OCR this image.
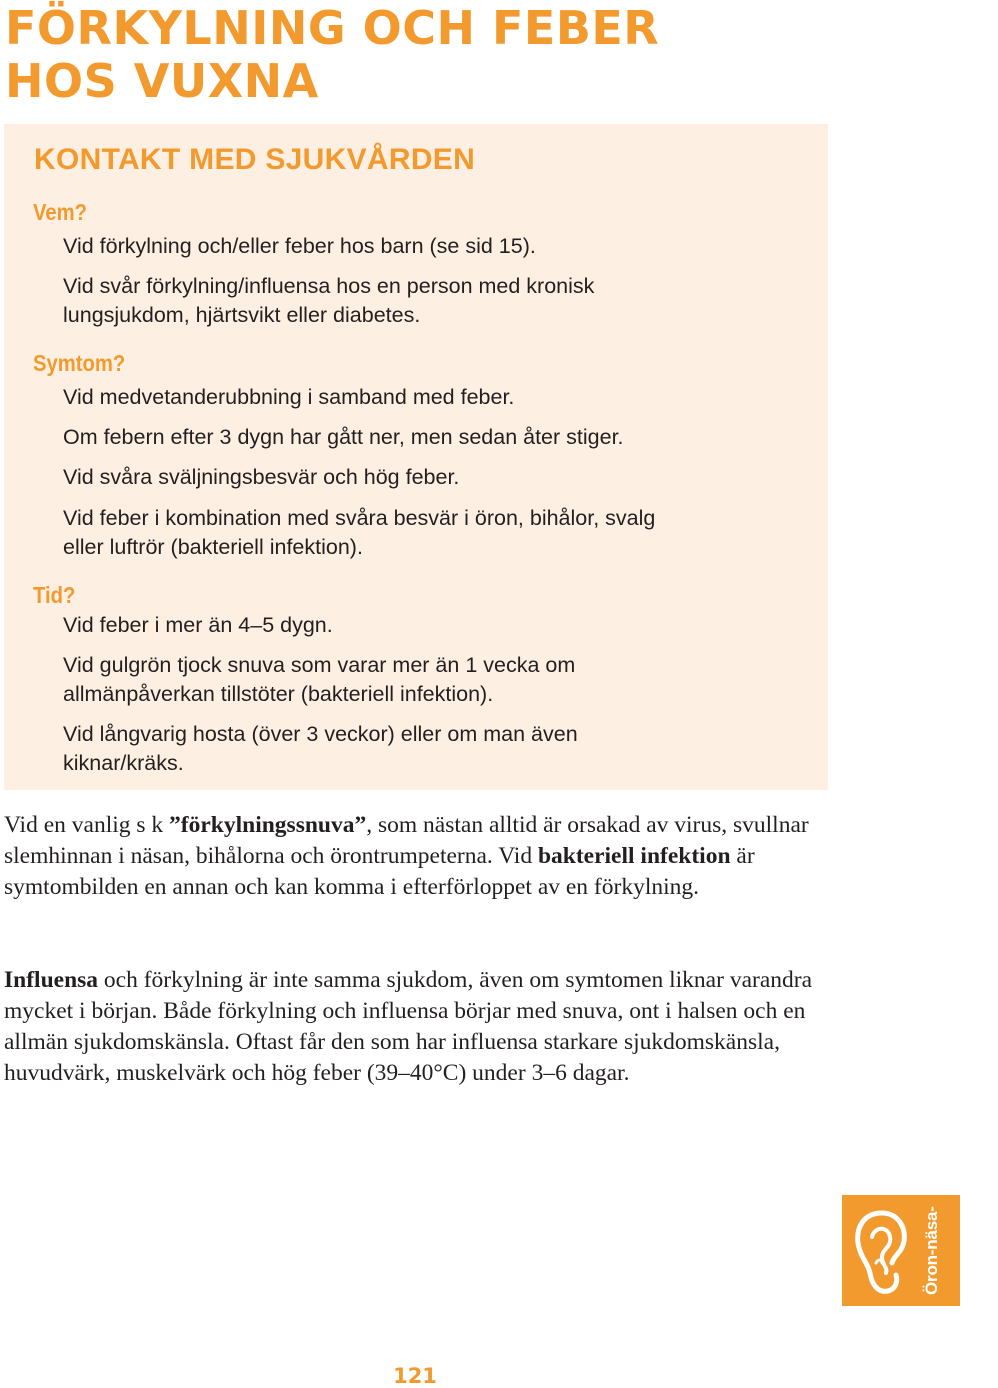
FÖRKYLNING OCH FEBER
HOS VUXNA
KONTAKT MED SJUKVÅRDEN
Vem?

Vid förkylning och/eller feber hos barn (se sid 15).

Vid svår förkylning/influensa hos en person med kronisk lungsjukdom, hjärtsvikt eller diabetes.

Symtom?

Vid medvetanderubbning i samband med feber.

Om febern efter 3 dygn har gått ner, men sedan åter stiger.

Vid svåra sväljningsbesvär och hög feber.

Vid feber i kombination med svåra besvär i öron, bihålor, svalg eller luftrör (bakteriell infektion).

Tid?

Vid feber i mer än 4–5 dygn.

Vid gulgrön tjock snuva som varar mer än 1 vecka om allmänpåverkan tillstöter (bakteriell infektion).

Vid långvarig hosta (över 3 veckor) eller om man även kiknar/kräks.

Vid en vanlig s k ”förkylningssnuva”, som nästan alltid är orsakad av virus, svullnar slemhinnan i näsan, bihålorna och örontrumpeterna. Vid bakteriell infektion är symtombilden en annan och kan komma i efterförloppet av en förkylning.

Influensa och förkylning är inte samma sjukdom, även om symtomen liknar varandra mycket i början. Både förkylning och influensa börjar med snuva, ont i halsen och en allmän sjukdomskänsla. Oftast får den som har influensa starkare sjukdomskänsla, huvudvärk, muskelvärk och hög feber (39–40°C) under 3–6 dagar.

Öron-näsa-hals
121
